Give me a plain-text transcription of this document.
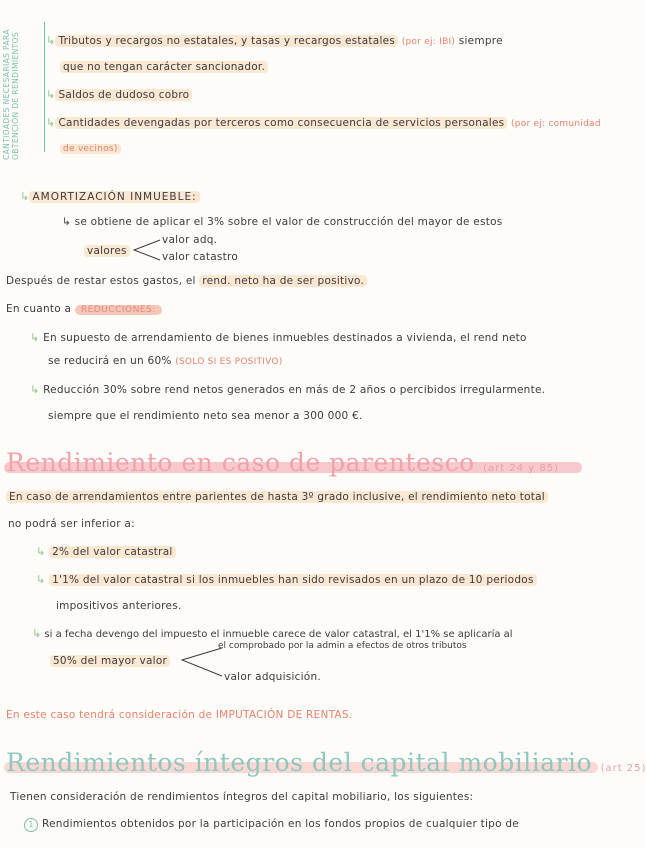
CANTIDADES NECESARIAS PARA OBTENCIÓN DE RENDIMIENTOS ↳ Tributos y recargos no estatales, y tasas y recargos estatales (por ej: IBI) siempre
que no tengan carácter sancionador.
↳ Saldos de dudoso cobro
↳ Cantidades devengadas por terceros como consecuencia de servicios personales (por ej: comunidad
de vecinos)
↳ AMORTIZACIÓN INMUEBLE:
↳ se obtiene de aplicar el 3% sobre el valor de construcción del mayor de estos
valores
valor adq.
valor catastro
Después de restar estos gastos, el rend. neto ha de ser positivo.
En cuanto a REDUCCIONES:
↳ En supuesto de arrendamiento de bienes inmuebles destinados a vivienda, el rend neto
se reducirá en un 60% (SOLO SI ES POSITIVO)
↳ Reducción 30% sobre rend netos generados en más de 2 años o percibidos irregularmente.
siempre que el rendimiento neto sea menor a 300 000 €.
Rendimiento en caso de parentesco (art 24 y 85)
En caso de arrendamientos entre parientes de hasta 3º grado inclusive, el rendimiento neto total
no podrá ser inferior a:
↳ 2% del valor catastral
↳ 1'1% del valor catastral si los inmuebles han sido revisados en un plazo de 10 periodos
impositivos anteriores.
↳ si a fecha devengo del impuesto el inmueble carece de valor catastral, el 1'1% se aplicaría al
50% del mayor valor
el comprobado por la admin a efectos de otros tributos
valor adquisición.
En este caso tendrá consideración de IMPUTACIÓN DE RENTAS.
Rendimientos íntegros del capital mobiliario (art 25)
Tienen consideración de rendimientos íntegros del capital mobiliario, los siguientes:
1 Rendimientos obtenidos por la participación en los fondos propios de cualquier tipo de
